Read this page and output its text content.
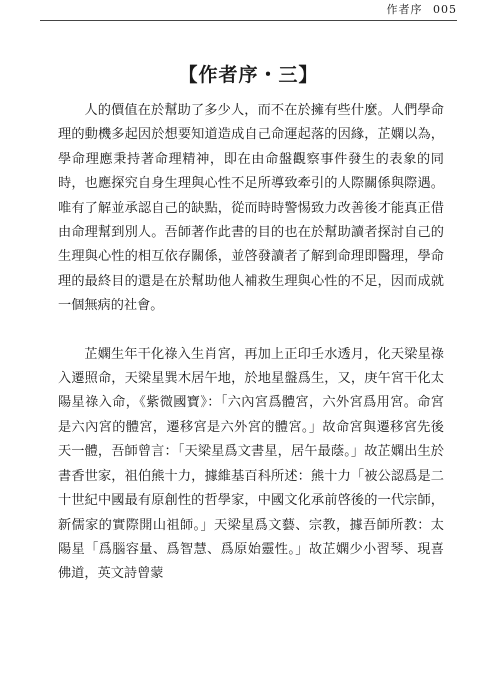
作者序 005
【作者序・三】

人的價值在於幫助了多少人，而不在於擁有些什麼。人們學命理的動機多起因於想要知道造成自己命運起落的因緣，芷嫻以為，學命理應秉持著命理精神，即在由命盤觀察事件發生的表象的同時，也應探究自身生理與心性不足所導致牽引的人際關係與際遇。唯有了解並承認自己的缺點，從而時時警惕致力改善後才能真正借由命理幫到別人。吾師著作此書的目的也在於幫助讀者探討自己的生理與心性的相互依存關係，並啓發讀者了解到命理即醫理，學命理的最終目的還是在於幫助他人補救生理與心性的不足，因而成就一個無病的社會。

芷嫻生年干化祿入生肖宮，再加上正印壬水透月，化天梁星祿入遷照命，天梁星巽木居午地，於地星盤爲生，又，庚午宮干化太陽星祿入命，《紫微國寶》：「六內宮爲體宮，六外宮爲用宮。命宮是六內宮的體宮，遷移宮是六外宮的體宮。」故命宮與遷移宮先後天一體，吾師曾言：「天梁星爲文書星，居午最蔭。」故芷嫻出生於書香世家，祖伯熊十力，據維基百科所述：熊十力「被公認爲是二十世紀中國最有原創性的哲學家，中國文化承前啓後的一代宗師，新儒家的實際開山祖師。」天梁星爲文藝、宗教，據吾師所教：太陽星「爲腦容量、爲智慧、爲原始靈性。」故芷嫻少小習琴、現喜佛道，英文詩曾蒙
